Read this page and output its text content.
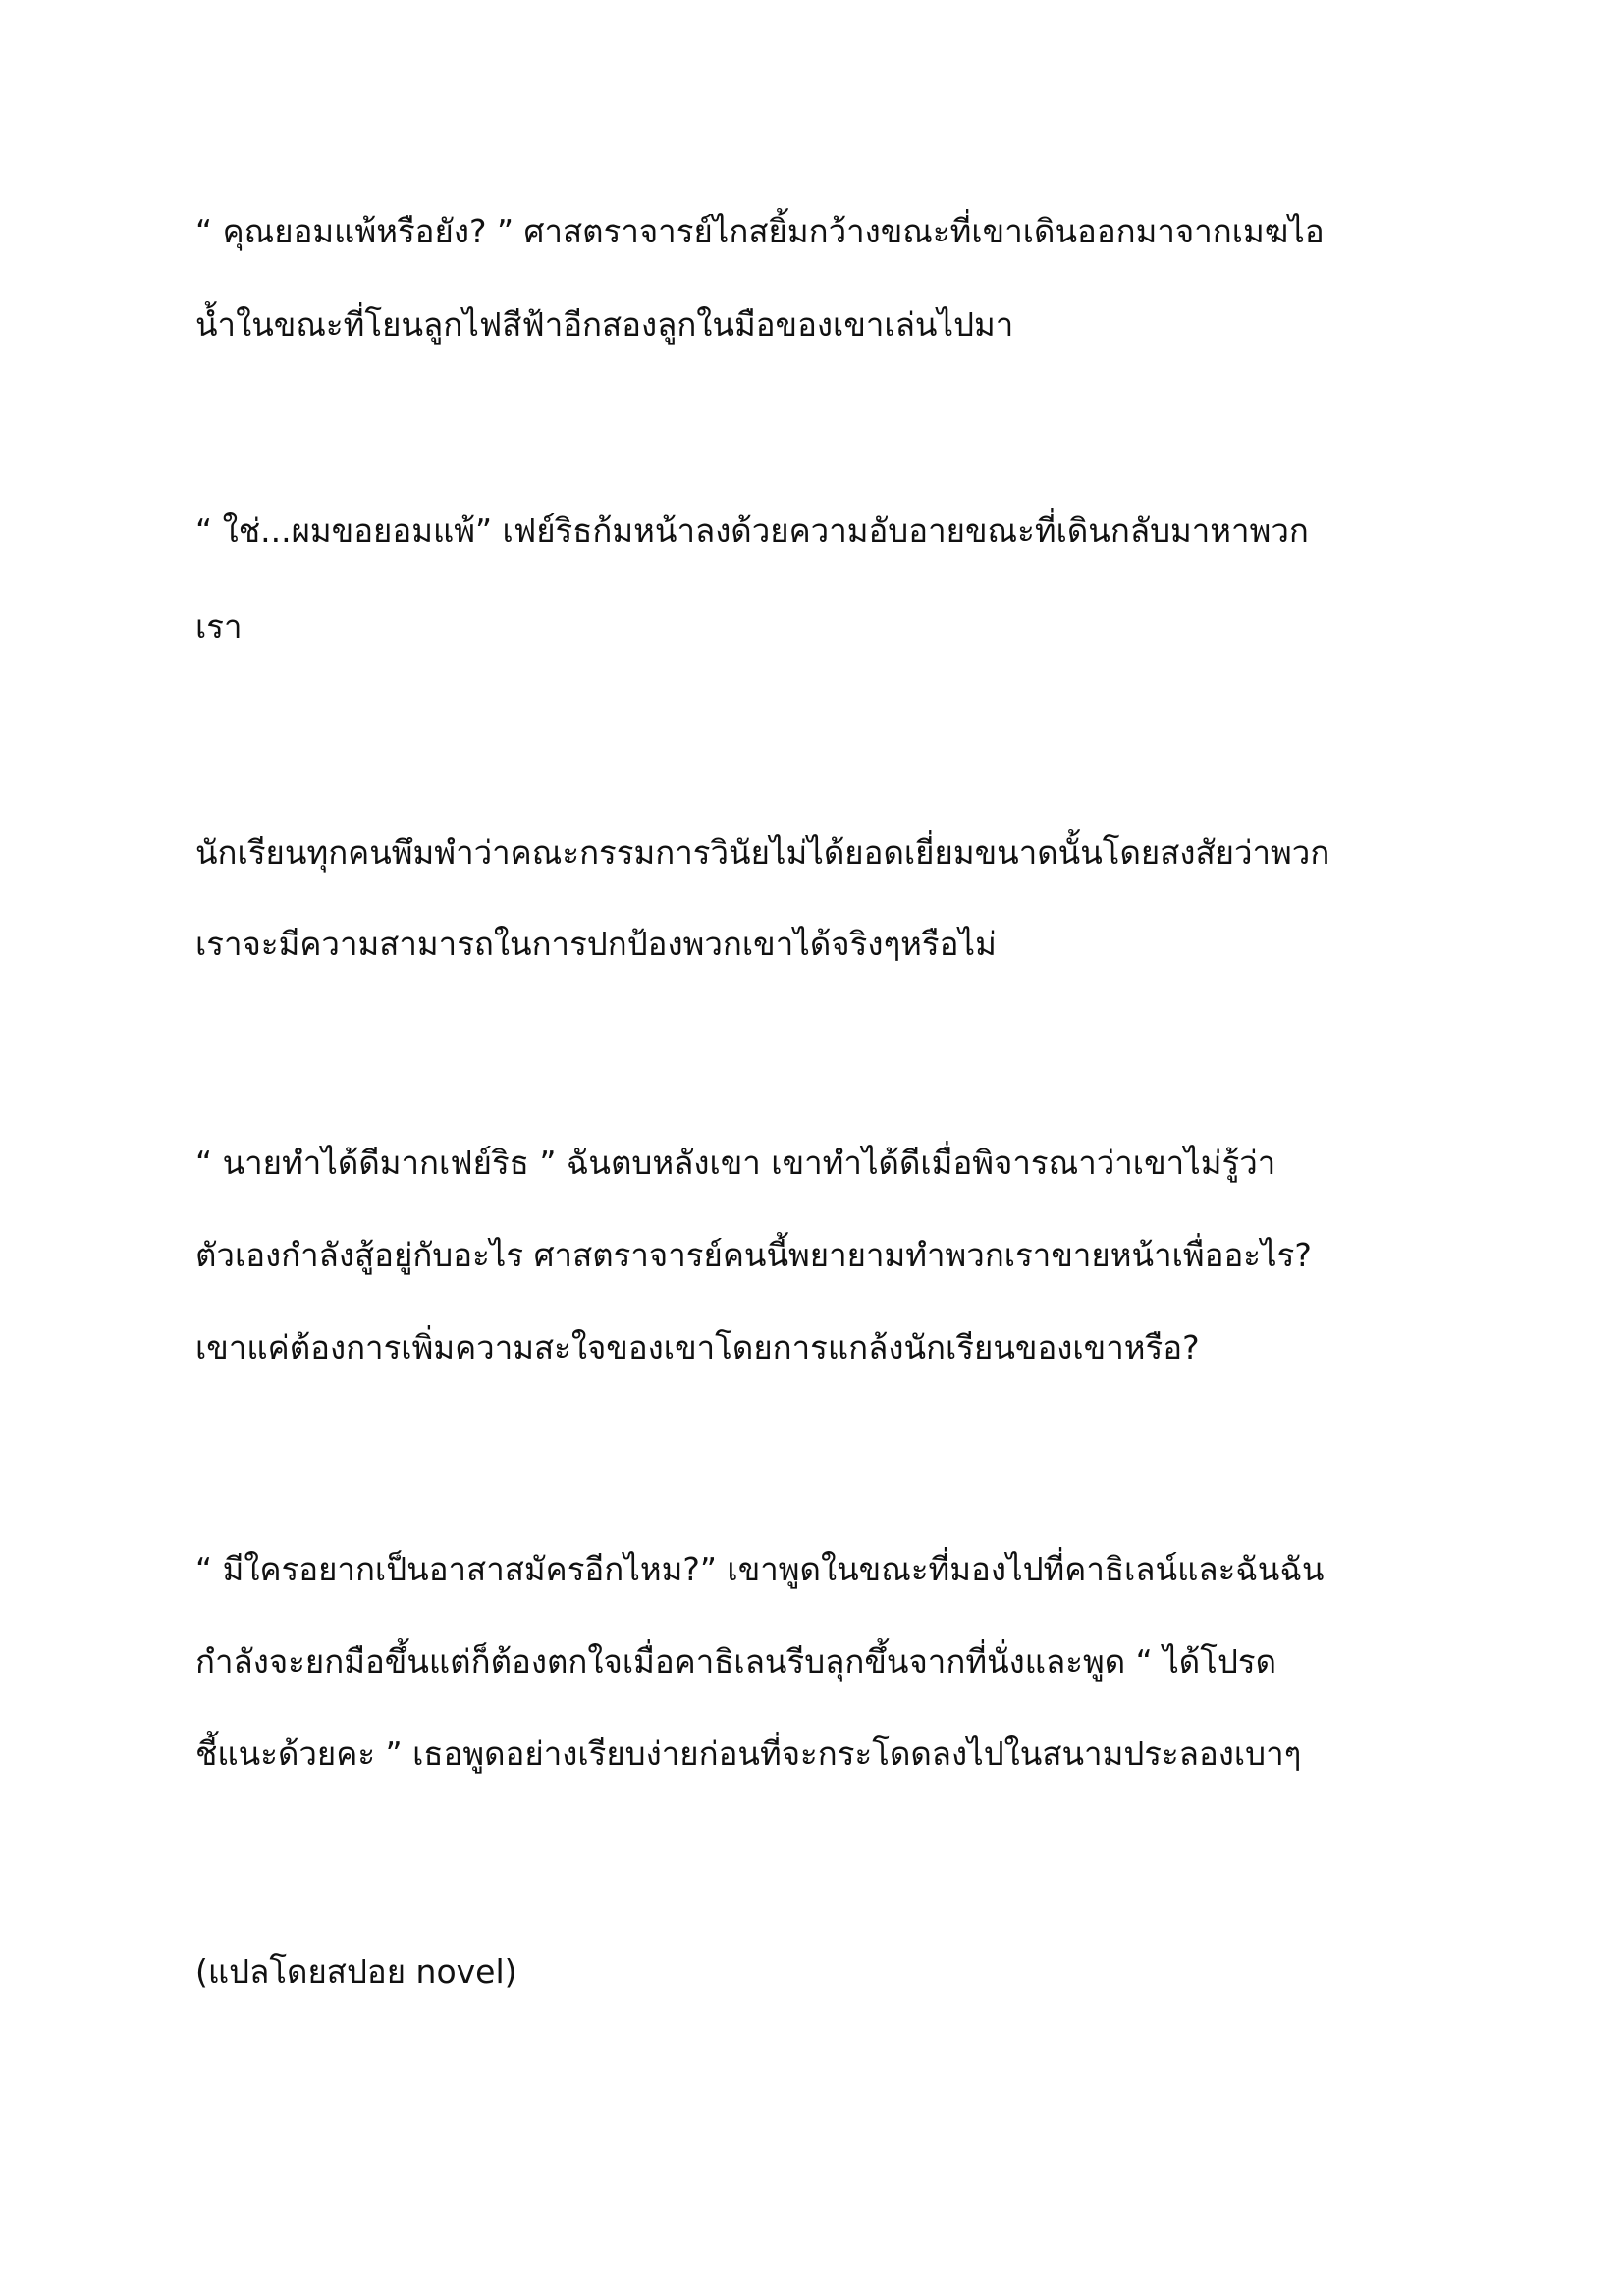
“ คุณยอมแพ้หรือยัง? ” ศาสตราจารย์ไกสยิ้มกว้างขณะที่เขาเดินออกมาจากเมฆไอ
น้ำในขณะที่โยนลูกไฟสีฟ้าอีกสองลูกในมือของเขาเล่นไปมา
“ ใช่...ผมขอยอมแพ้” เฟย์ริธก้มหน้าลงด้วยความอับอายขณะที่เดินกลับมาหาพวก
เรา
นักเรียนทุกคนพึมพำว่าคณะกรรมการวินัยไม่ได้ยอดเยี่ยมขนาดนั้นโดยสงสัยว่าพวก
เราจะมีความสามารถในการปกป้องพวกเขาได้จริงๆหรือไม่
“ นายทำได้ดีมากเฟย์ริธ ” ฉันตบหลังเขา เขาทำได้ดีเมื่อพิจารณาว่าเขาไม่รู้ว่า
ตัวเองกำลังสู้อยู่กับอะไร ศาสตราจารย์คนนี้พยายามทำพวกเราขายหน้าเพื่ออะไร?
เขาแค่ต้องการเพิ่มความสะใจของเขาโดยการแกล้งนักเรียนของเขาหรือ?
“ มีใครอยากเป็นอาสาสมัครอีกไหม?” เขาพูดในขณะที่มองไปที่คาธิเลน์และฉันฉัน
กำลังจะยกมือขึ้นแต่ก็ต้องตกใจเมื่อคาธิเลนรีบลุกขึ้นจากที่นั่งและพูด “ ได้โปรด
ชี้แนะด้วยคะ ” เธอพูดอย่างเรียบง่ายก่อนที่จะกระโดดลงไปในสนามประลองเบาๆ
(แปลโดยสปอย novel)
